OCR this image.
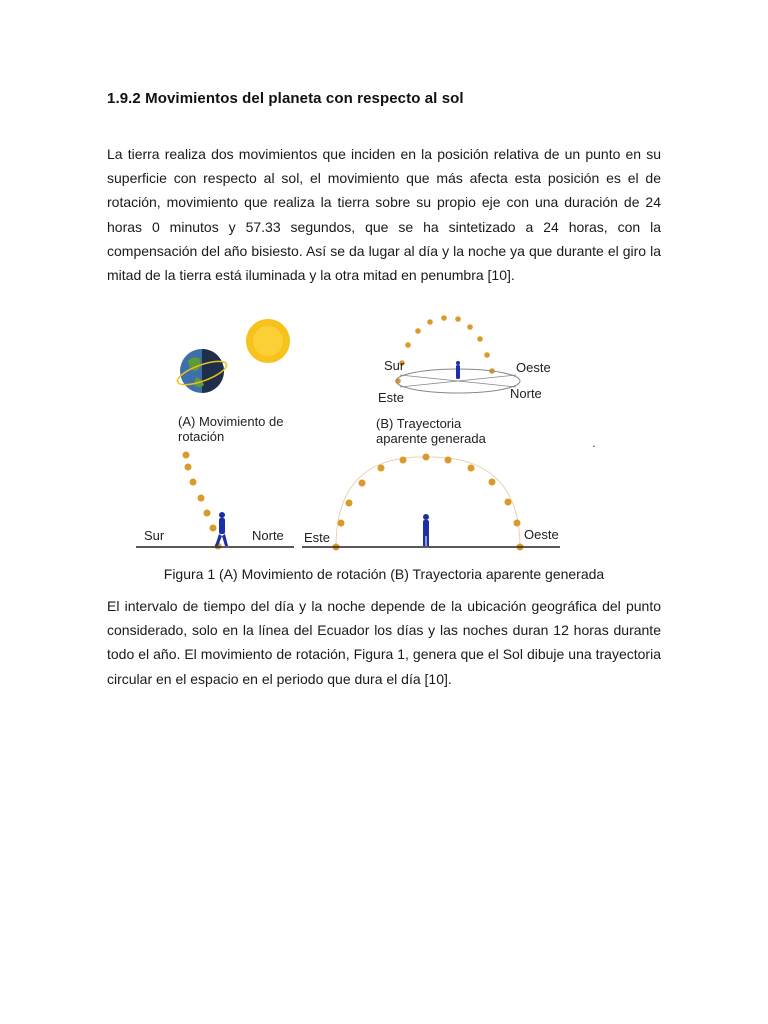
1.9.2 Movimientos del planeta con respecto al sol
La tierra realiza dos movimientos que inciden en la posición relativa de un punto en su superficie con respecto al sol, el movimiento que más afecta esta posición es el de rotación, movimiento que realiza la tierra sobre su propio eje con una duración de 24 horas 0 minutos y 57.33 segundos, que se ha sintetizado a 24 horas, con la compensación del año bisiesto. Así se da lugar al día y la noche ya que durante el giro la mitad de la tierra está iluminada y la otra mitad en penumbra [10].
(A) Movimiento de
rotación
Sur	Norte
Sur	Oeste
Este	Norte
(B) Trayectoria
aparente generada	.
Este	Oeste
Figura 1 (A) Movimiento de rotación (B) Trayectoria aparente generada
El intervalo de tiempo del día y la noche depende de la ubicación geográfica del punto considerado, solo en la línea del Ecuador los días y las noches duran 12 horas durante todo el año. El movimiento de rotación, Figura 1, genera que el Sol dibuje una trayectoria circular en el espacio en el periodo que dura el día [10].
